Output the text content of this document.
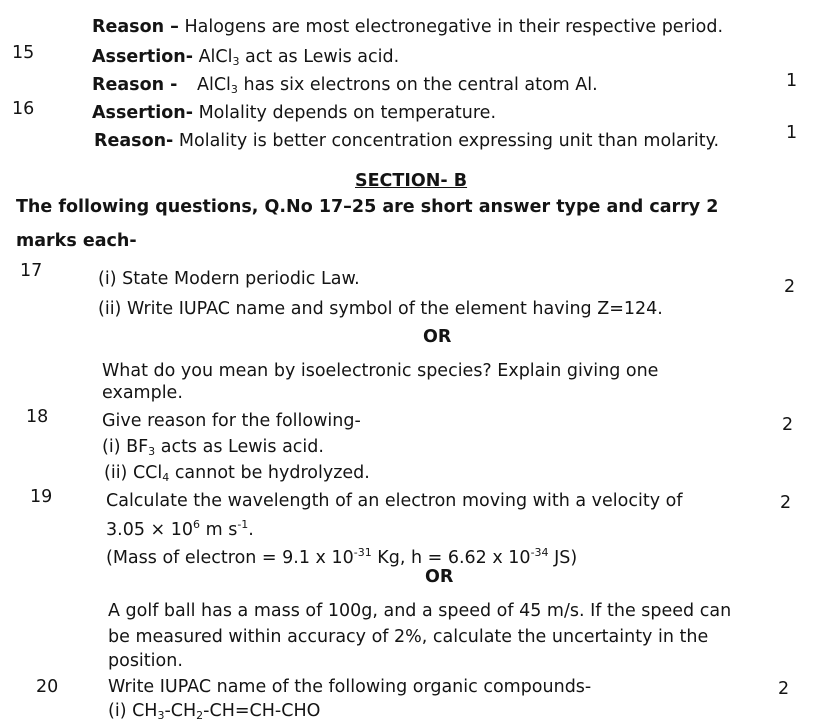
Reason – Halogens are most electronegative in their respective period.
15	Assertion- AlCl$_3$ act as Lewis acid.
1
Reason - AlCl$_3$ has six electrons on the central atom Al.
16	Assertion- Molality depends on temperature.
1
Reason- Molality is better concentration expressing unit than molarity.
SECTION- B
The following questions, Q.No 17–25 are short answer type and carry 2
marks each-
17	(i) State Modern periodic Law.	2
(ii) Write IUPAC name and symbol of the element having Z=124.
OR
What do you mean by isoelectronic species? Explain giving one
example.
18	Give reason for the following-	2
(i) $BF_3$ acts as Lewis acid.
(ii) CCl$_4$ cannot be hydrolyzed.
19	Calculate the wavelength of an electron moving with a velocity of	2
$3.05 \times 10^6$ m $s^{-1}$.
(Mass of electron = 9.1 x $10^{-31}$ Kg, h = 6.62 x $10^{-34}$ JS)
OR
A golf ball has a mass of 100g, and a speed of 45 m/s. If the speed can
be measured within accuracy of 2%, calculate the uncertainty in the
position.
20	Write IUPAC name of the following organic compounds-	2
(i) $CH_3-CH_2-CH=CH$-CHO
